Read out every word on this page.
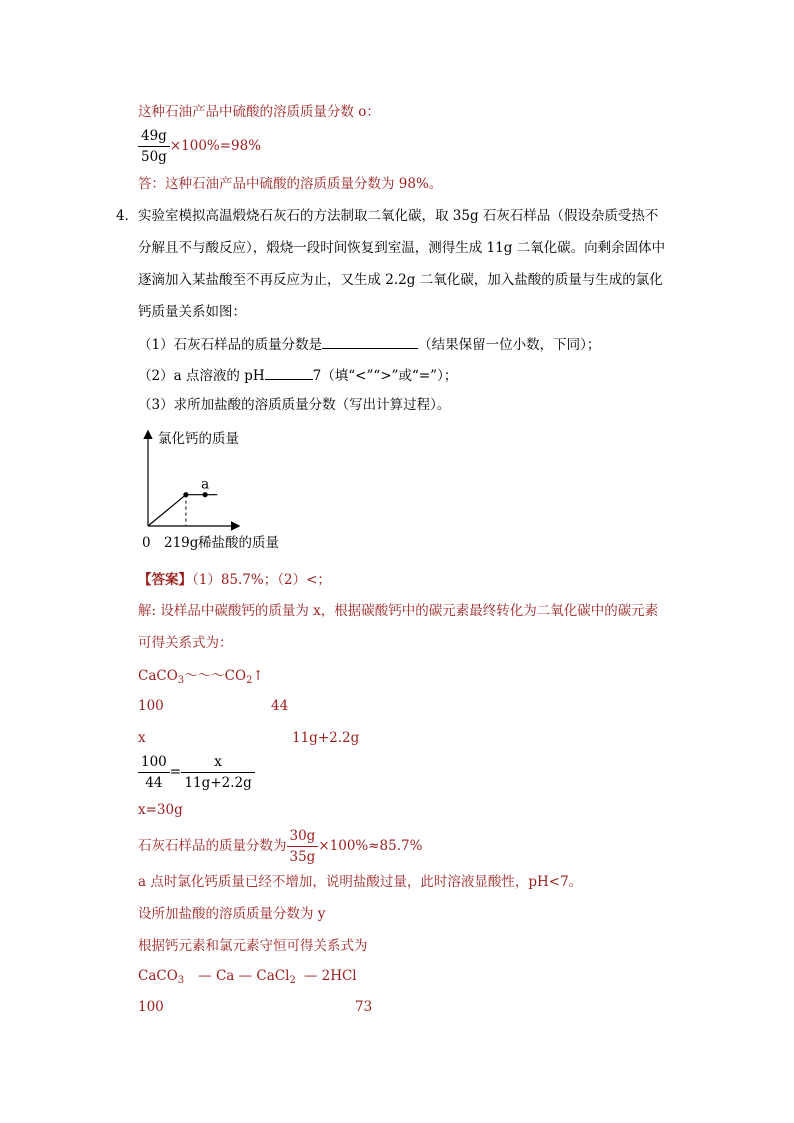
这种石油产品中硫酸的溶质质量分数 o：
$\frac{49g}{50g} \times 100\%=98\%$
答：这种石油产品中硫酸的溶质质量分数为 98%。
4． 实验室模拟高温煅烧石灰石的方法制取二氧化碳，取 35g 石灰石样品（假设杂质受热不
分解且不与酸反应），煅烧一段时间恢复到室温，测得生成 11g 二氧化碳。向剩余固体中
逐滴加入某盐酸至不再反应为止，又生成 2.2g 二氧化碳，加入盐酸的质量与生成的氯化
钙质量关系如图：
（1）石灰石样品的质量分数是	（结果保留一位小数，下同）；
（2）a 点溶液的 pH	7（填“<”“>”或“=”）；
（3）求所加盐酸的溶质质量分数（写出计算过程）。
氯化钙的质量
0 219g 稀盐酸的质量
a
【答案】（1）85.7%；（2）<；
解: 设样品中碳酸钙的质量为 x，根据碳酸钙中的碳元素最终转化为二氧化碳中的碳元素
可得关系式为：
$CaCO_3\sim\sim\sim CO_2↑$
100	44
x	11g+2.2g
$\frac{100}{44} = \frac{x}{11g+2.2g}$
x=30g
石灰石样品的质量分数为 $\frac{30g}{35g} \times 100\%\approx 85.7\%$
a 点时氯化钙质量已经不增加，说明盐酸过量，此时溶液显酸性，pH<7。
设所加盐酸的溶质质量分数为 y
根据钙元素和氯元素守恒可得关系式为
CaCO$_3$ — Ca — CaCl$_2$ — 2HCl
100	73
